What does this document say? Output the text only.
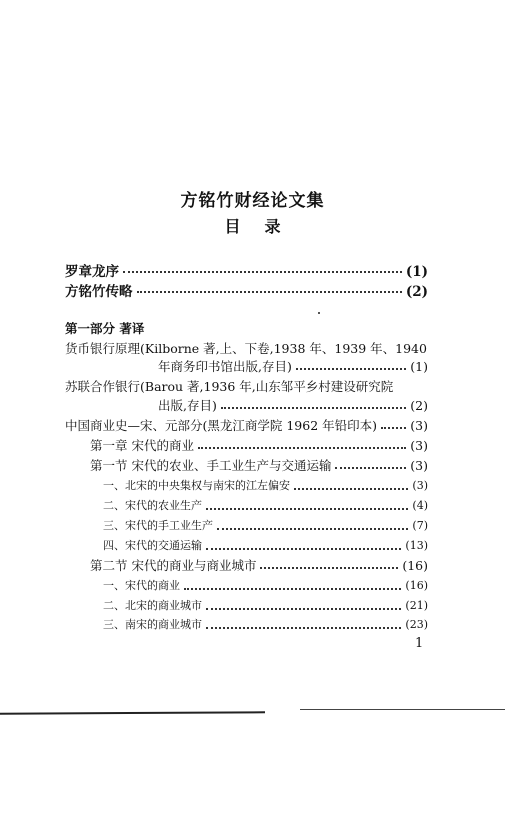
方铭竹财经论文集
目录
罗章龙序	(1)
方铭竹传略	(2)
第一部分 著译
货币银行原理(Kilborne 著,上、下卷,1938 年、1939 年、1940
年商务印书馆出版,存目)	(1)
苏联合作银行(Barou 著,1936 年,山东邹平乡村建设研究院
出版,存目)	(2)
中国商业史—宋、元部分(黑龙江商学院 1962 年铅印本)	(3)
第一章 宋代的商业	(3)
第一节 宋代的农业、手工业生产与交通运输	(3)
一、北宋的中央集权与南宋的江左偏安	(3)
二、宋代的农业生产	(4)
三、宋代的手工业生产	(7)
四、宋代的交通运输	(13)
第二节 宋代的商业与商业城市	(16)
一、宋代的商业	(16)
二、北宋的商业城市	(21)
三、南宋的商业城市	(23)
1
